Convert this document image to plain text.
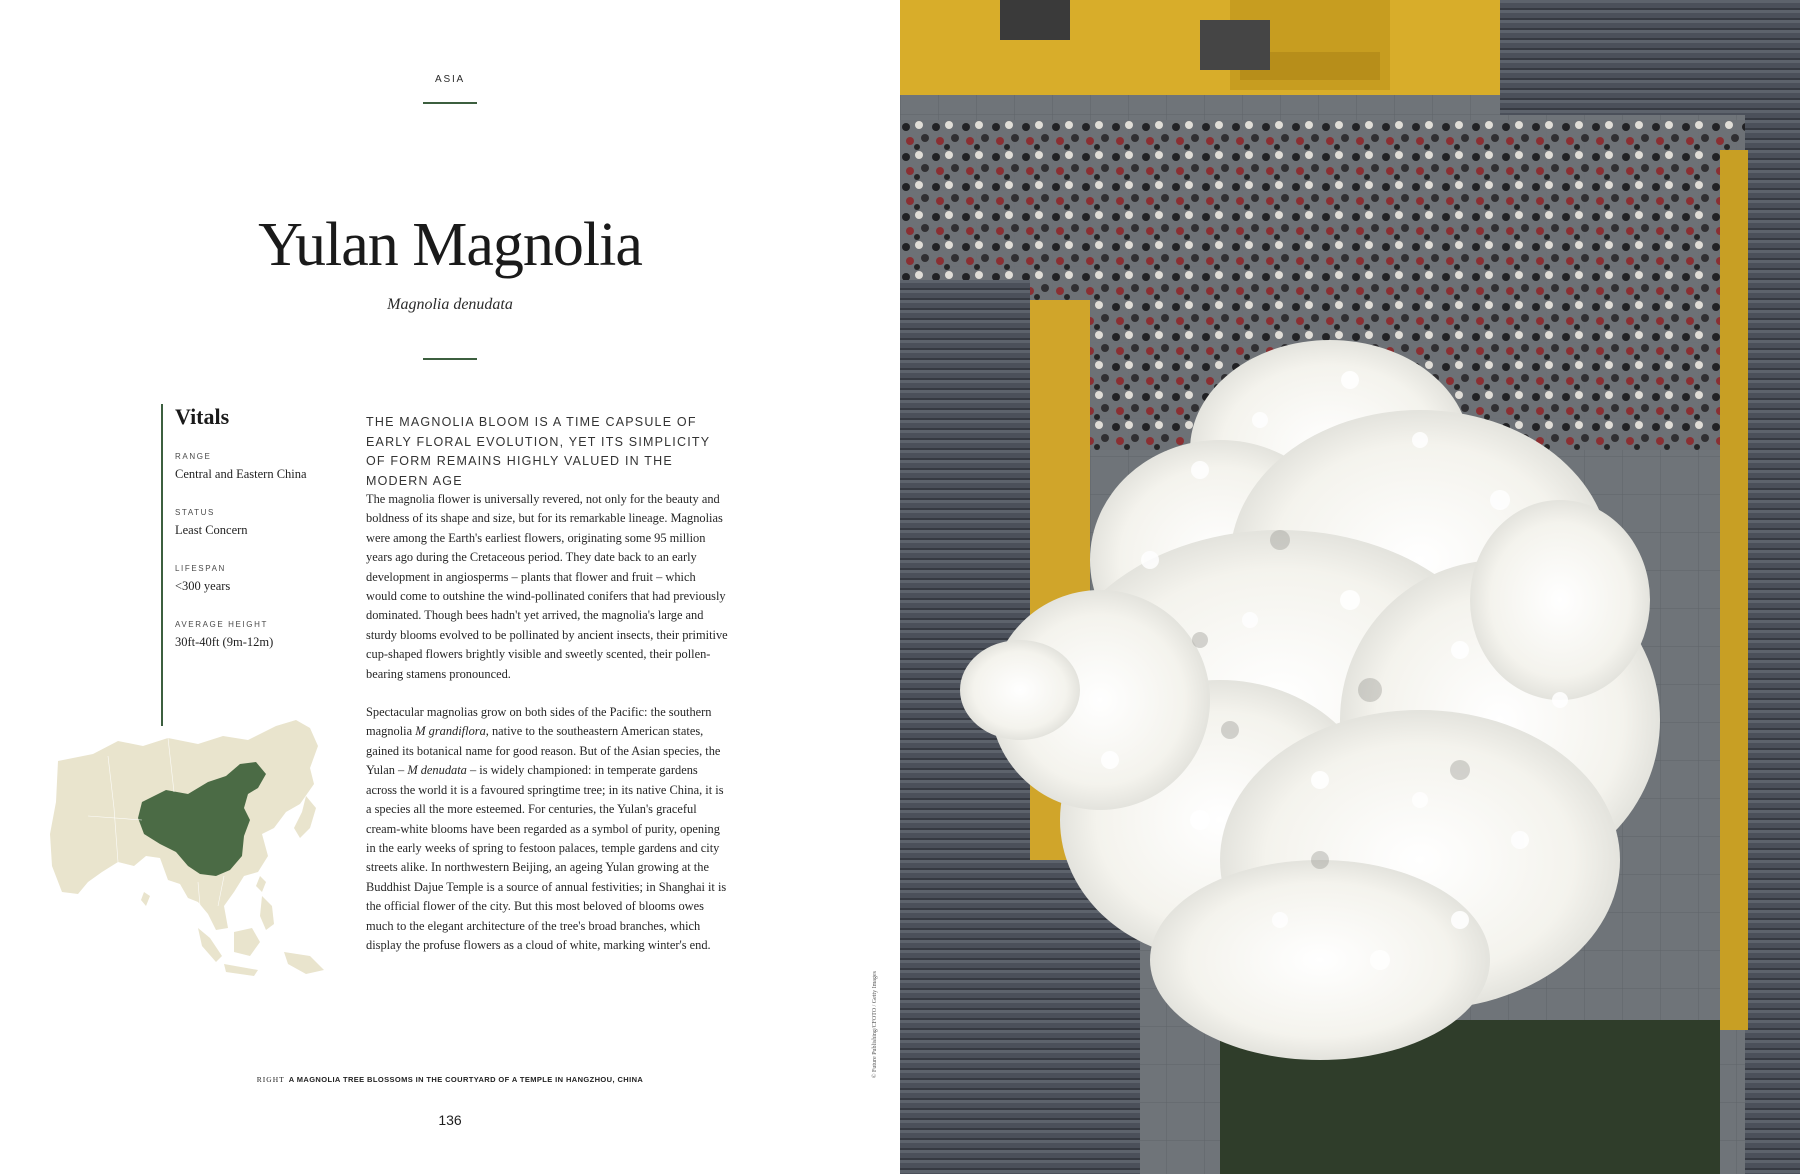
ASIA
Yulan Magnolia
Magnolia denudata
Vitals
RANGE
Central and Eastern China
STATUS
Least Concern
LIFESPAN
<300 years
AVERAGE HEIGHT
30ft-40ft (9m-12m)
THE MAGNOLIA BLOOM IS A TIME CAPSULE OF EARLY FLORAL EVOLUTION, YET ITS SIMPLICITY OF FORM REMAINS HIGHLY VALUED IN THE MODERN AGE

The magnolia flower is universally revered, not only for the beauty and boldness of its shape and size, but for its remarkable lineage. Magnolias were among the Earth's earliest flowers, originating some 95 million years ago during the Cretaceous period. They date back to an early development in angiosperms – plants that flower and fruit – which would come to outshine the wind-pollinated conifers that had previously dominated. Though bees hadn't yet arrived, the magnolia's large and sturdy blooms evolved to be pollinated by ancient insects, their primitive cup-shaped flowers brightly visible and sweetly scented, their pollen-bearing stamens pronounced.

Spectacular magnolias grow on both sides of the Pacific: the southern magnolia M grandiflora, native to the southeastern American states, gained its botanical name for good reason. But of the Asian species, the Yulan – M denudata – is widely championed: in temperate gardens across the world it is a favoured springtime tree; in its native China, it is a species all the more esteemed. For centuries, the Yulan's graceful cream-white blooms have been regarded as a symbol of purity, opening in the early weeks of spring to festoon palaces, temple gardens and city streets alike. In northwestern Beijing, an ageing Yulan growing at the Buddhist Dajue Temple is a source of annual festivities; in Shanghai it is the official flower of the city. But this most beloved of blooms owes much to the elegant architecture of the tree's broad branches, which display the profuse flowers as a cloud of white, marking winter's end.

RIGHT A MAGNOLIA TREE BLOSSOMS IN THE COURTYARD OF A TEMPLE IN HANGZHOU, CHINA
136
© Future Publishing/CFOTO / Getty Images
